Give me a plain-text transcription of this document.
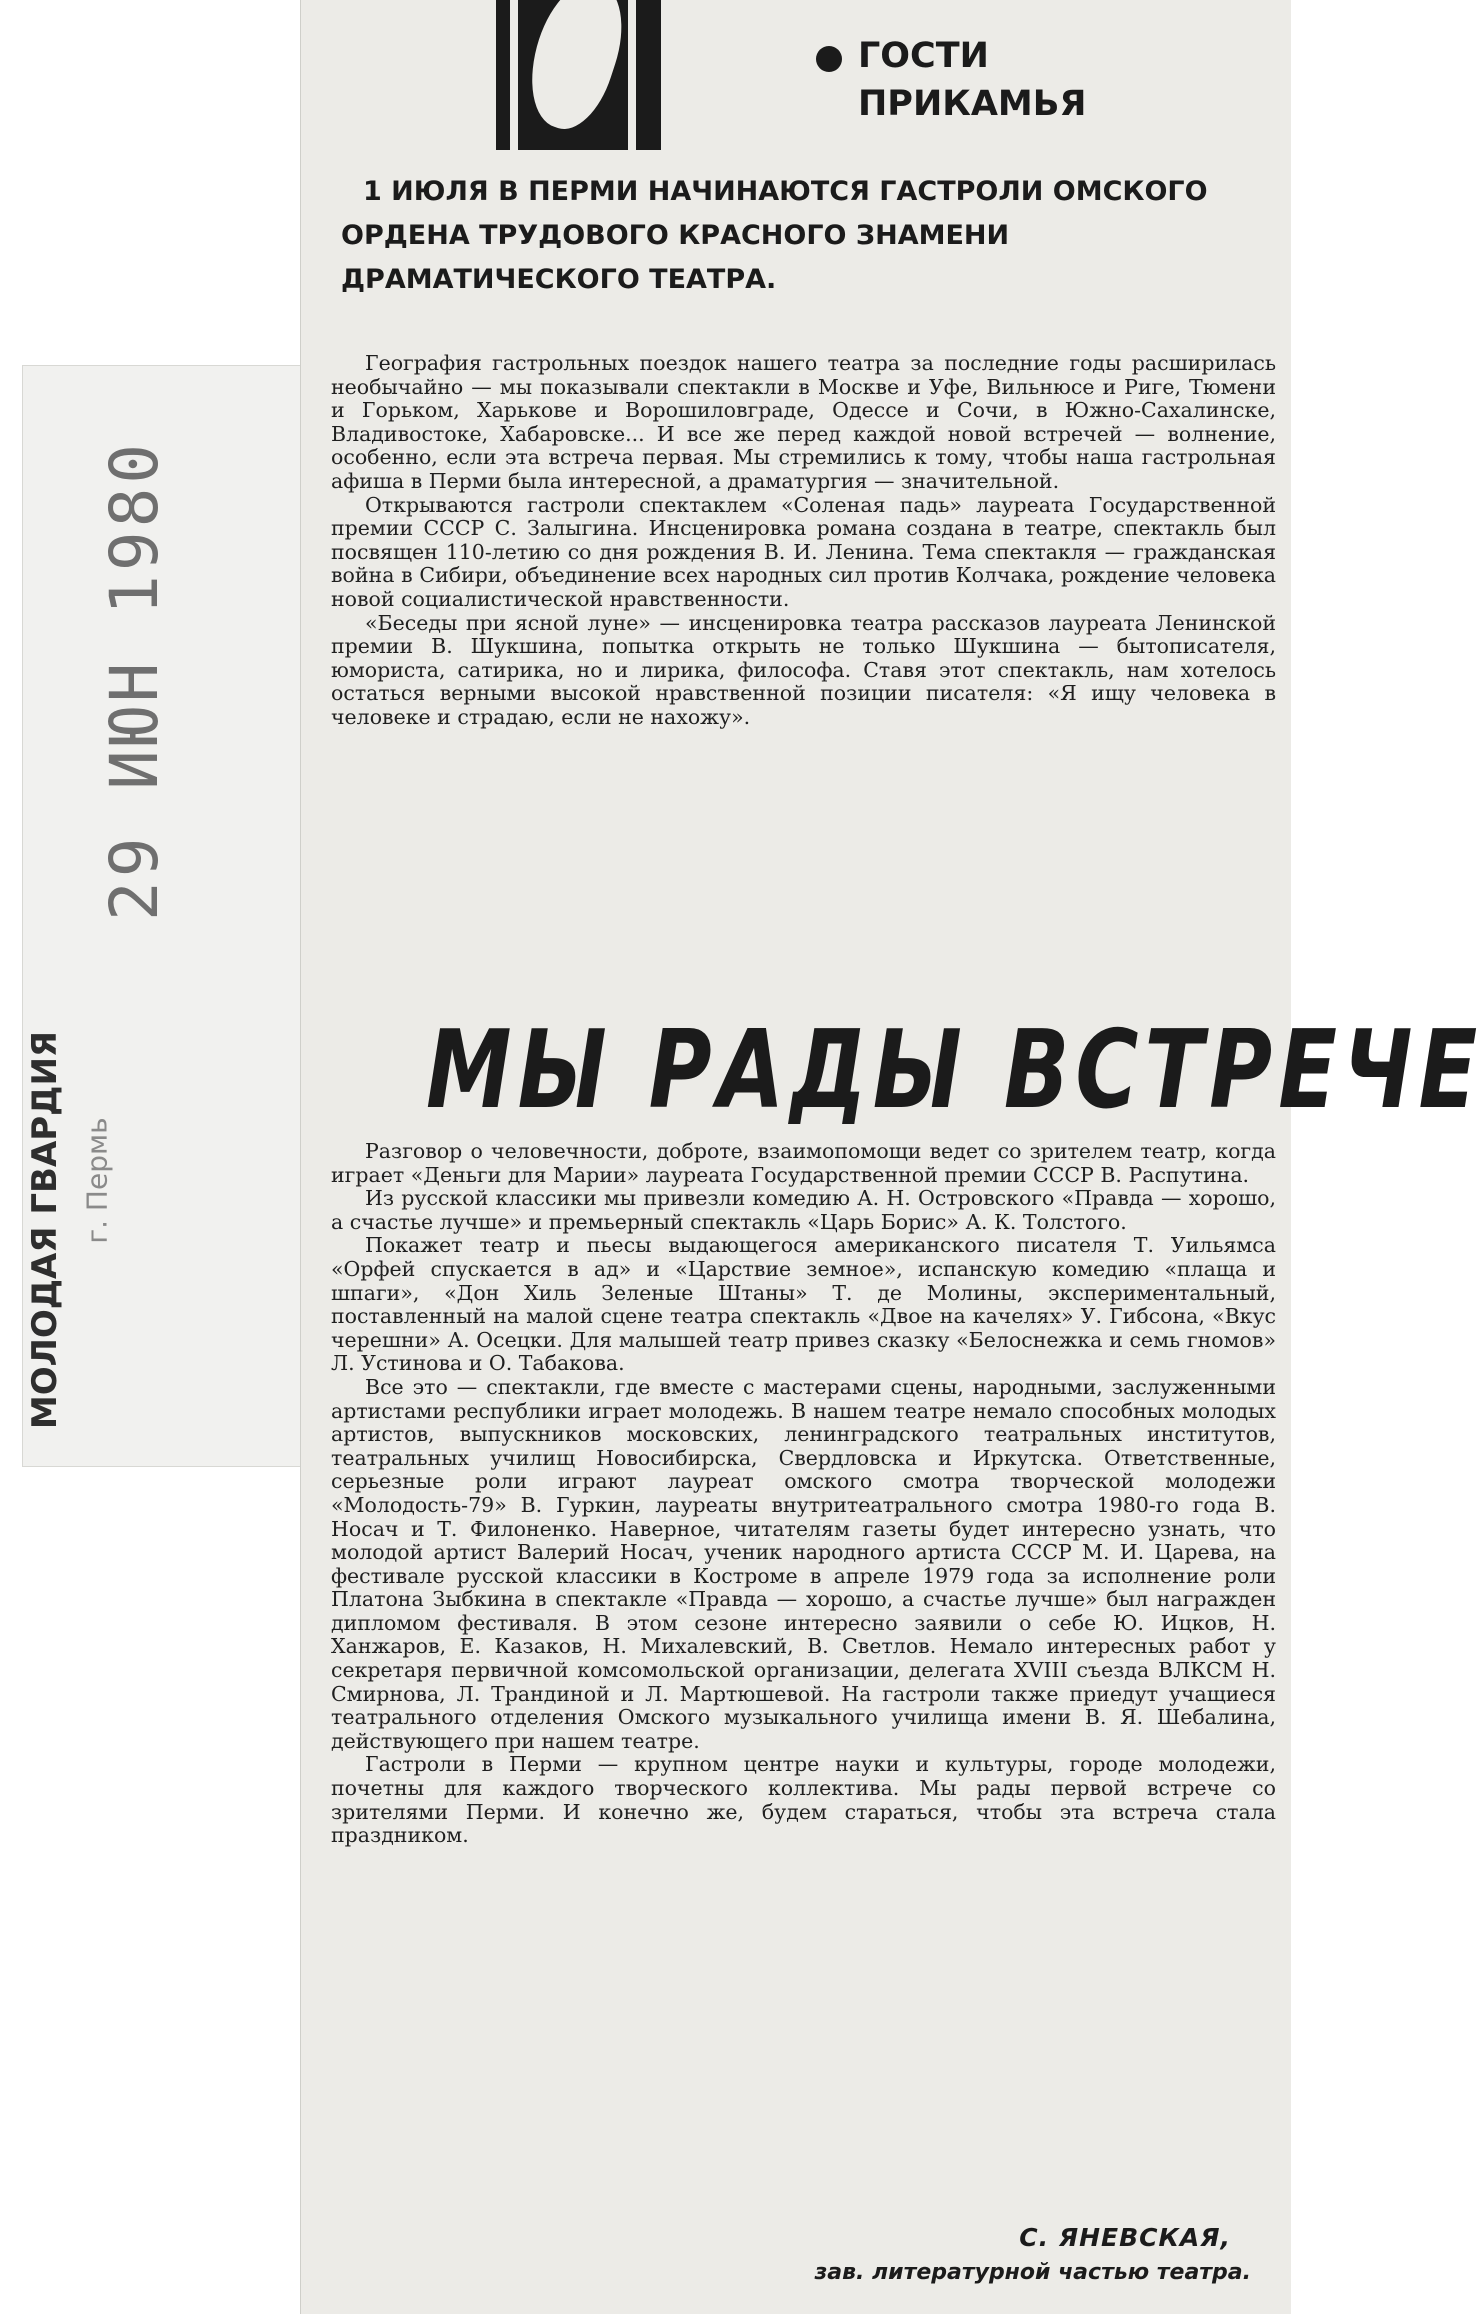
29 ИЮН 1980
МОЛОДАЯ ГВАРДИЯ г. Пермь
ГОСТИ
ПРИКАМЬЯ
1 ИЮЛЯ В ПЕРМИ НАЧИНАЮТСЯ ГАСТРОЛИ ОМСКОГО ОРДЕНА ТРУДОВОГО КРАСНОГО ЗНАМЕНИ ДРАМАТИЧЕСКОГО ТЕАТРА.

География гастрольных поездок нашего театра за последние годы расширилась необычайно — мы показывали спектакли в Москве и Уфе, Вильнюсе и Риге, Тюмени и Горьком, Харькове и Ворошиловграде, Одессе и Сочи, в Южно-Сахалинске, Владивостоке, Хабаровске... И все же перед каждой новой встречей — волнение, особенно, если эта встреча первая. Мы стремились к тому, чтобы наша гастрольная афиша в Перми была интересной, а драматургия — значительной.

Открываются гастроли спектаклем «Соленая падь» лауреата Государственной премии СССР С. Залыгина. Инсценировка романа создана в театре, спектакль был посвящен 110-летию со дня рождения В. И. Ленина. Тема спектакля — гражданская война в Сибири, объединение всех народных сил против Колчака, рождение человека новой социалистической нравственности.

«Беседы при ясной луне» — инсценировка театра рассказов лауреата Ленинской премии В. Шукшина, попытка открыть не только Шукшина — бытописателя, юмориста, сатирика, но и лирика, философа. Ставя этот спектакль, нам хотелось остаться верными высокой нравственной позиции писателя: «Я ищу человека в человеке и страдаю, если не нахожу».

МЫ РАДЫ ВСТРЕЧЕ

Разговор о человечности, доброте, взаимопомощи ведет со зрителем театр, когда играет «Деньги для Марии» лауреата Государственной премии СССР В. Распутина.

Из русской классики мы привезли комедию А. Н. Островского «Правда — хорошо, а счастье лучше» и премьерный спектакль «Царь Борис» А. К. Толстого.

Покажет театр и пьесы выдающегося американского писателя Т. Уильямса «Орфей спускается в ад» и «Царствие земное», испанскую комедию «плаща и шпаги», «Дон Хиль Зеленые Штаны» Т. де Молины, экспериментальный, поставленный на малой сцене театра спектакль «Двое на качелях» У. Гибсона, «Вкус черешни» А. Осецки. Для малышей театр привез сказку «Белоснежка и семь гномов» Л. Устинова и О. Табакова.

Все это — спектакли, где вместе с мастерами сцены, народными, заслуженными артистами республики играет молодежь. В нашем театре немало способных молодых артистов, выпускников московских, ленинградского театральных институтов, театральных училищ Новосибирска, Свердловска и Иркутска. Ответственные, серьезные роли играют лауреат омского смотра творческой молодежи «Молодость-79» В. Гуркин, лауреаты внутритеатрального смотра 1980-го года В. Носач и Т. Филоненко. Наверное, читателям газеты будет интересно узнать, что молодой артист Валерий Носач, ученик народного артиста СССР М. И. Царева, на фестивале русской классики в Костроме в апреле 1979 года за исполнение роли Платона Зыбкина в спектакле «Правда — хорошо, а счастье лучше» был награжден дипломом фестиваля. В этом сезоне интересно заявили о себе Ю. Ицков, Н. Ханжаров, Е. Казаков, Н. Михалевский, В. Светлов. Немало интересных работ у секретаря первичной комсомольской организации, делегата XVIII съезда ВЛКСМ Н. Смирнова, Л. Трандиной и Л. Мартюшевой. На гастроли также приедут учащиеся театрального отделения Омского музыкального училища имени В. Я. Шебалина, действующего при нашем театре.

Гастроли в Перми — крупном центре науки и культуры, городе молодежи, почетны для каждого творческого коллектива. Мы рады первой встрече со зрителями Перми. И конечно же, будем стараться, чтобы эта встреча стала праздником.

С. ЯНЕВСКАЯ,
зав. литературной частью театра.
